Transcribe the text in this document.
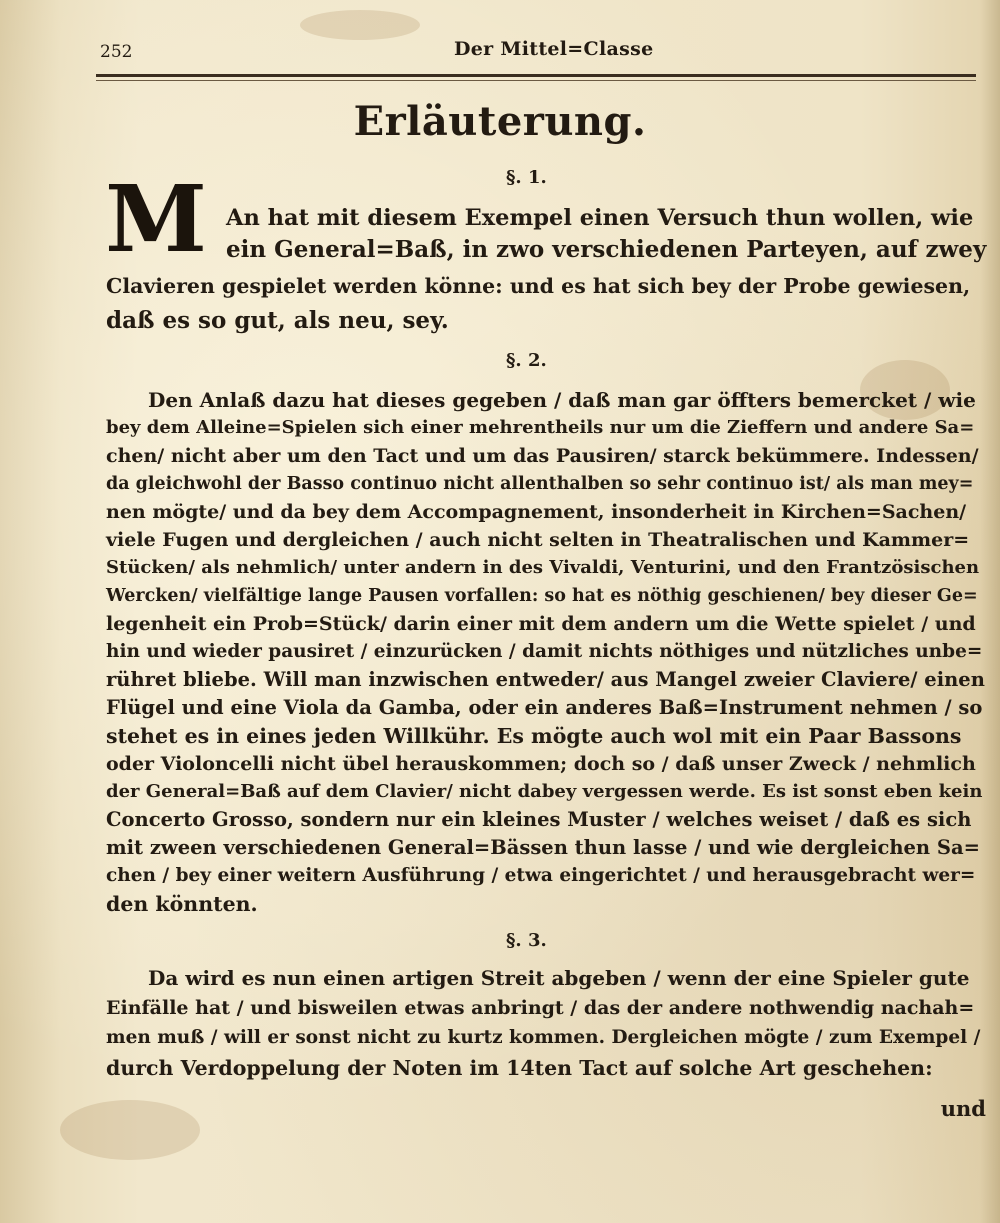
252	Der Mittel=Classe
Erläuterung.
§. 1.
M An hat mit diesem Exempel einen Versuch thun wollen, wie
ein General=Baß, in zwo verschiedenen Parteyen, auf zwey
Clavieren gespielet werden könne: und es hat sich bey der Probe gewiesen,
daß es so gut, als neu, sey.
§. 2.
Den Anlaß dazu hat dieses gegeben / daß man gar öffters bemercket / wie
bey dem Alleine=Spielen sich einer mehrentheils nur um die Zieffern und andere Sa=
chen/ nicht aber um den Tact und um das Pausiren/ starck bekümmere. Indessen/
da gleichwohl der Basso continuo nicht allenthalben so sehr continuo ist/ als man mey=
nen mögte/ und da bey dem Accompagnement, insonderheit in Kirchen=Sachen/
viele Fugen und dergleichen / auch nicht selten in Theatralischen und Kammer=
Stücken/ als nehmlich/ unter andern in des Vivaldi, Venturini, und den Frantzösischen
Wercken/ vielfältige lange Pausen vorfallen: so hat es nöthig geschienen/ bey dieser Ge=
legenheit ein Prob=Stück/ darin einer mit dem andern um die Wette spielet / und
hin und wieder pausiret / einzurücken / damit nichts nöthiges und nützliches unbe=
rühret bliebe. Will man inzwischen entweder/ aus Mangel zweier Claviere/ einen
Flügel und eine Viola da Gamba, oder ein anderes Baß=Instrument nehmen / so
stehet es in eines jeden Willkühr. Es mögte auch wol mit ein Paar Bassons
oder Violoncelli nicht übel herauskommen; doch so / daß unser Zweck / nehmlich
der General=Baß auf dem Clavier/ nicht dabey vergessen werde. Es ist sonst eben kein
Concerto Grosso, sondern nur ein kleines Muster / welches weiset / daß es sich
mit zween verschiedenen General=Bässen thun lasse / und wie dergleichen Sa=
chen / bey einer weitern Ausführung / etwa eingerichtet / und herausgebracht wer=
den könnten.
§. 3.
Da wird es nun einen artigen Streit abgeben / wenn der eine Spieler gute
Einfälle hat / und bisweilen etwas anbringt / das der andere nothwendig nachah=
men muß / will er sonst nicht zu kurtz kommen. Dergleichen mögte / zum Exempel /
durch Verdoppelung der Noten im 14ten Tact auf solche Art geschehen:
und
